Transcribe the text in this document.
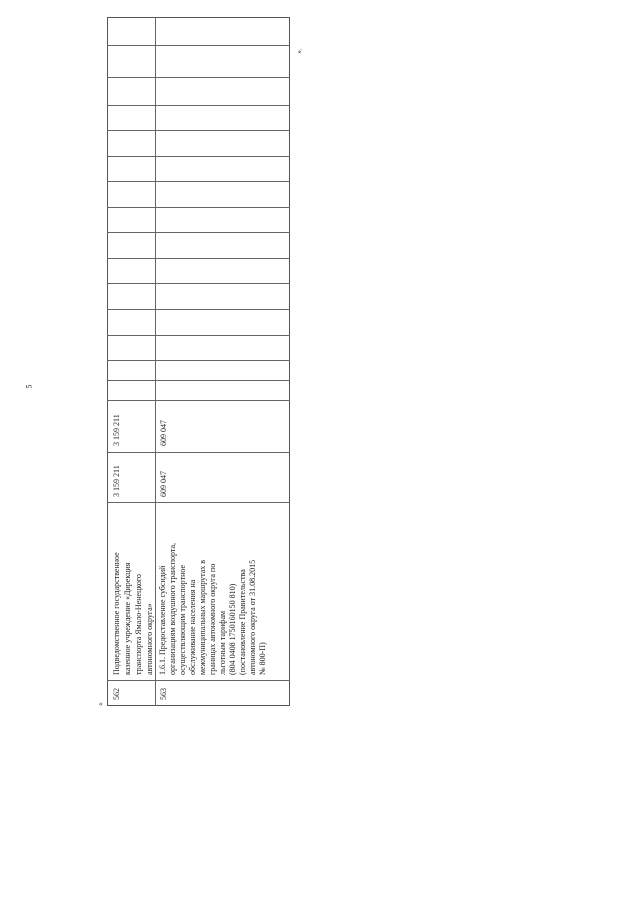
5
«
».
562
Подведомственное государственное казенное учреждение «Дирекция транспорта Ямало-Ненецкого автономного округа»
3 159 211
3 159 211
563
1.6.1. Предоставление субсидий организациям воздушного транспорта, осуществляющим транспортное обслуживание населения на межмуниципальных маршрутах в границах автономного округа по льготным тарифам (804 0408 1750160150 810) (постановление Правительства автономного округа от 31.08.2015 № 800-П)
609 047
609 047
